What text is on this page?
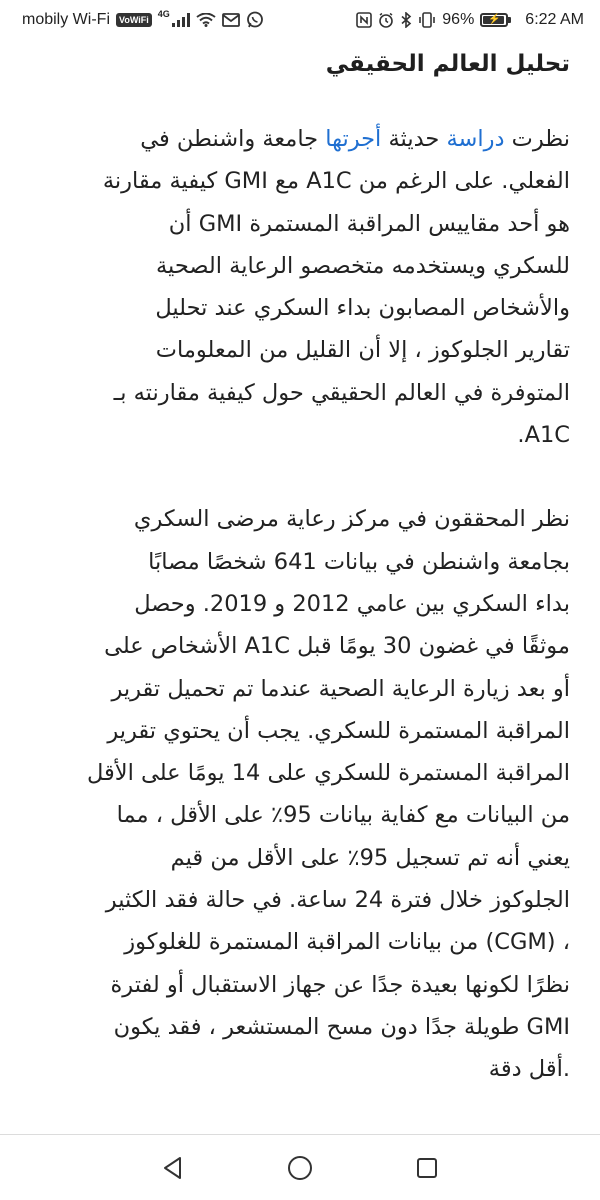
mobily Wi-Fi	VoWiFi
4G	96% ⚡ 6:22 AM
تحليل العالم الحقيقي
نظرت دراسة حديثة أجرتها جامعة واشنطن في
الفعلي. على الرغم من A1C مع GMI كيفية مقارنة
هو أحد مقاييس المراقبة المستمرة GMI أن
للسكري ويستخدمه متخصصو الرعاية الصحية
والأشخاص المصابون بداء السكري عند تحليل
تقارير الجلوكوز ، إلا أن القليل من المعلومات
المتوفرة في العالم الحقيقي حول كيفية مقارنته بـ
A1C.
نظر المحققون في مركز رعاية مرضى السكري
بجامعة واشنطن في بيانات 641 شخصًا مصابًا
بداء السكري بين عامي 2012 و 2019. وحصل
موثقًا في غضون 30 يومًا قبل A1C الأشخاص على
أو بعد زيارة الرعاية الصحية عندما تم تحميل تقرير
المراقبة المستمرة للسكري. يجب أن يحتوي تقرير
المراقبة المستمرة للسكري على 14 يومًا على الأقل
من البيانات مع كفاية بيانات 95٪ على الأقل ، مما
يعني أنه تم تسجيل 95٪ على الأقل من قيم
الجلوكوز خلال فترة 24 ساعة. في حالة فقد الكثير
، (CGM) من بيانات المراقبة المستمرة للغلوكوز
نظرًا لكونها بعيدة جدًا عن جهاز الاستقبال أو لفترة
GMI طويلة جدًا دون مسح المستشعر ، فقد يكون
.أقل دقة
